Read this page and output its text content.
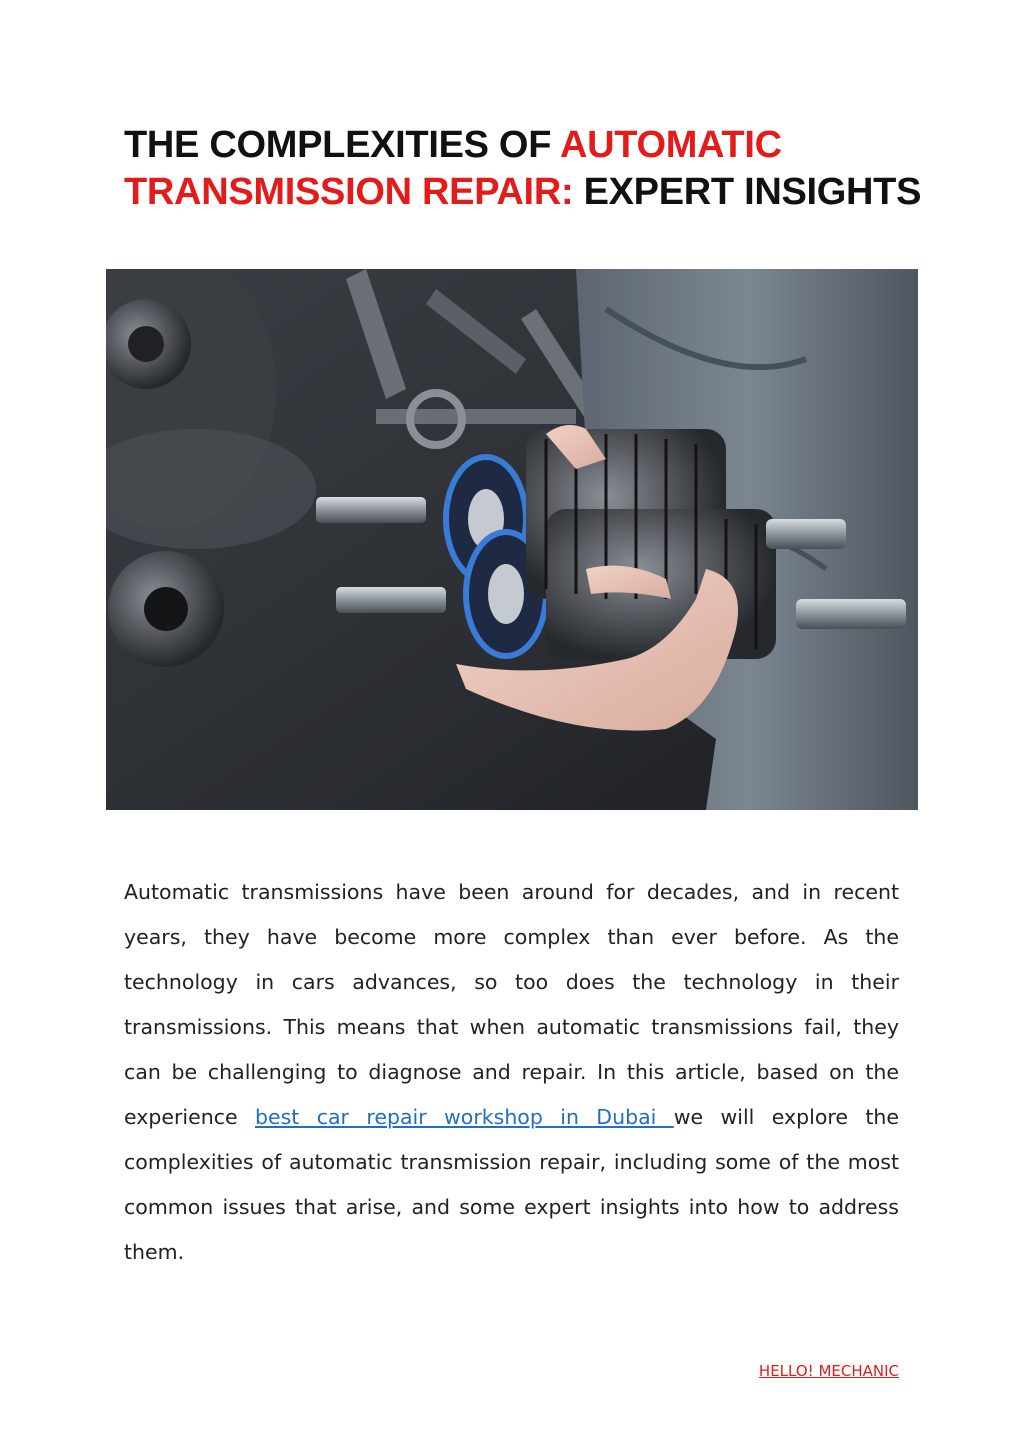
THE COMPLEXITIES OF AUTOMATIC
TRANSMISSION REPAIR: EXPERT INSIGHTS

Automatic transmissions have been around for decades, and in recent years, they have become more complex than ever before. As the technology in cars advances, so too does the technology in their transmissions. This means that when automatic transmissions fail, they can be challenging to diagnose and repair. In this article, based on the experience best car repair workshop in Dubai we will explore the complexities of automatic transmission repair, including some of the most common issues that arise, and some expert insights into how to address them.

HELLO! MECHANIC
